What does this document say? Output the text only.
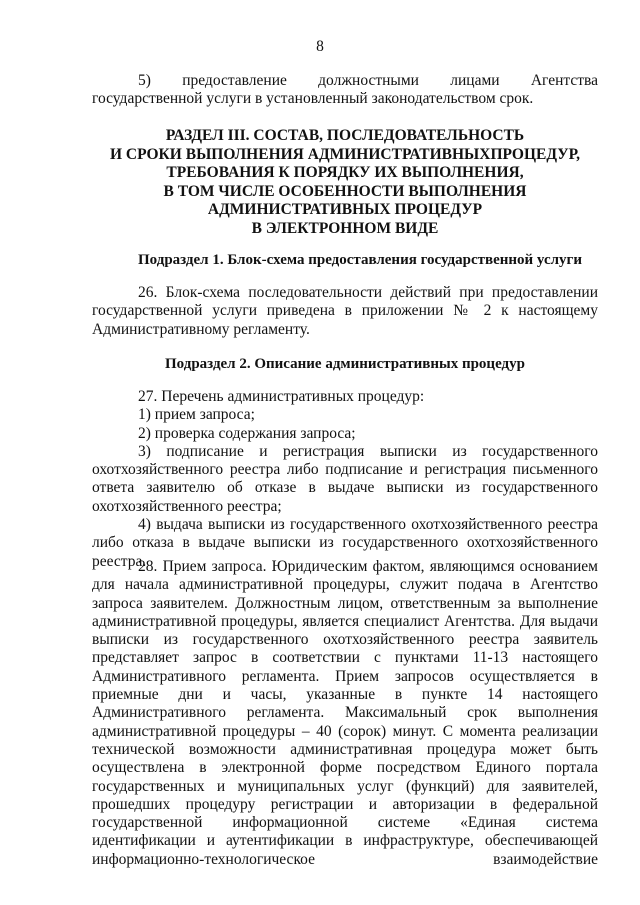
8

5) предоставление должностными лицами Агентства государственной услуги в установленный законодательством срок.

РАЗДЕЛ III. СОСТАВ, ПОСЛЕДОВАТЕЛЬНОСТЬ
И СРОКИ ВЫПОЛНЕНИЯ АДМИНИСТРАТИВНЫХПРОЦЕДУР,
ТРЕБОВАНИЯ К ПОРЯДКУ ИХ ВЫПОЛНЕНИЯ,
В ТОМ ЧИСЛЕ ОСОБЕННОСТИ ВЫПОЛНЕНИЯ
АДМИНИСТРАТИВНЫХ ПРОЦЕДУР
В ЭЛЕКТРОННОМ ВИДЕ
Подраздел 1. Блок-схема предоставления государственной услуги

26. Блок-схема последовательности действий при предоставлении государственной услуги приведена в приложении № 2 к настоящему Административному регламенту.

Подраздел 2. Описание административных процедур

27. Перечень административных процедур:

1) прием запроса;

2) проверка содержания запроса;

3) подписание и регистрация выписки из государственного охотхозяйственного реестра либо подписание и регистрация письменного ответа заявителю об отказе в выдаче выписки из государственного охотхозяйственного реестра;

4) выдача выписки из государственного охотхозяйственного реестра либо отказа в выдаче выписки из государственного охотхозяйственного реестра.

28. Прием запроса. Юридическим фактом, являющимся основанием для начала административной процедуры, служит подача в Агентство запроса заявителем. Должностным лицом, ответственным за выполнение административной процедуры, является специалист Агентства. Для выдачи выписки из государственного охотхозяйственного реестра заявитель представляет запрос в соответствии с пунктами 11-13 настоящего Административного регламента. Прием запросов осуществляется в приемные дни и часы, указанные в пункте 14 настоящего Административного регламента. Максимальный срок выполнения административной процедуры – 40 (сорок) минут. С момента реализации технической возможности административная процедура может быть осуществлена в электронной форме посредством Единого портала государственных и муниципальных услуг (функций) для заявителей, прошедших процедуру регистрации и авторизации в федеральной государственной информационной системе «Единая система идентификации и аутентификации в инфраструктуре, обеспечивающей информационно-технологическое взаимодействие
